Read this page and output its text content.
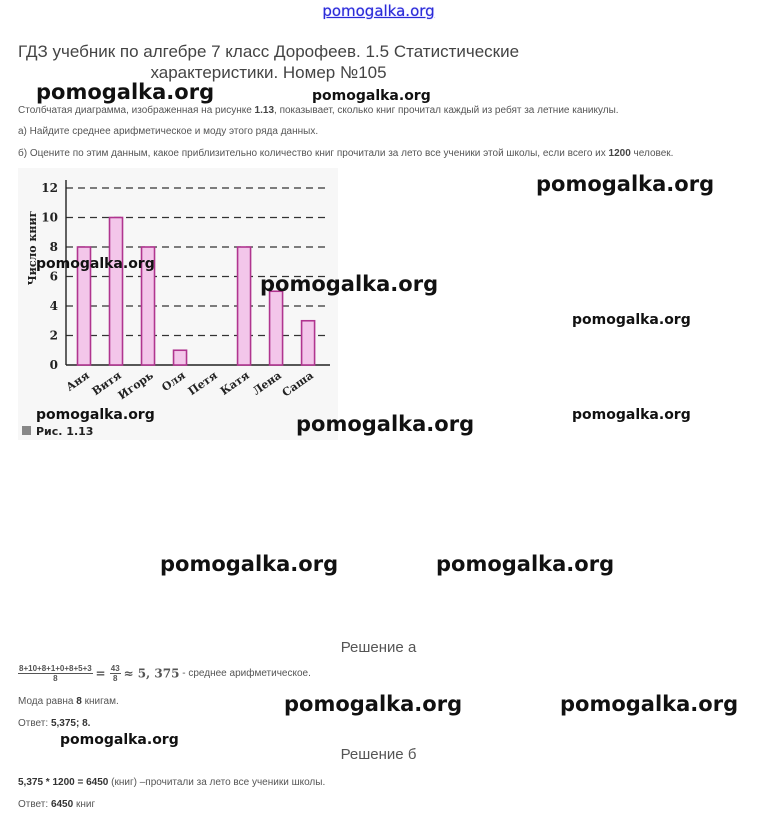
pomogalka.org
ГДЗ учебник по алгебре 7 класс Дорофеев. 1.5 Статистические
характеристики. Номер №105
Столбчатая диаграмма, изображенная на рисунке 1.13, показывает, сколько книг прочитал каждый из ребят за летние каникулы.
а) Найдите среднее арифметическое и моду этого ряда данных.
б) Оцените по этим данным, какое приблизительно количество книг прочитали за лето все ученики этой школы, если всего их 1200 человек.
0
2
4
6
8
10
12
Число книг
Аня
Витя
Игорь Оля
Петя
Катя
Лена
Саша
Рис. 1.13
pomogalka.org	pomogalka.org
pomogalka.org
pomogalka.org
pomogalka.org
pomogalka.org
pomogalka.org	pomogalka.org	pomogalka.org
pomogalka.org	pomogalka.org
pomogalka.org	pomogalka.org
pomogalka.org
Решение а
$\frac{8+10+8+1+0+8+5+3}{8} = \frac{43}{8} \approx 5$, 375 - среднее арифметическое.
Мода равна 8 книгам.
Ответ: 5,375; 8.
Решение б
5,375 * 1200 = 6450 (книг) –прочитали за лето все ученики школы.
Ответ: 6450 книг
